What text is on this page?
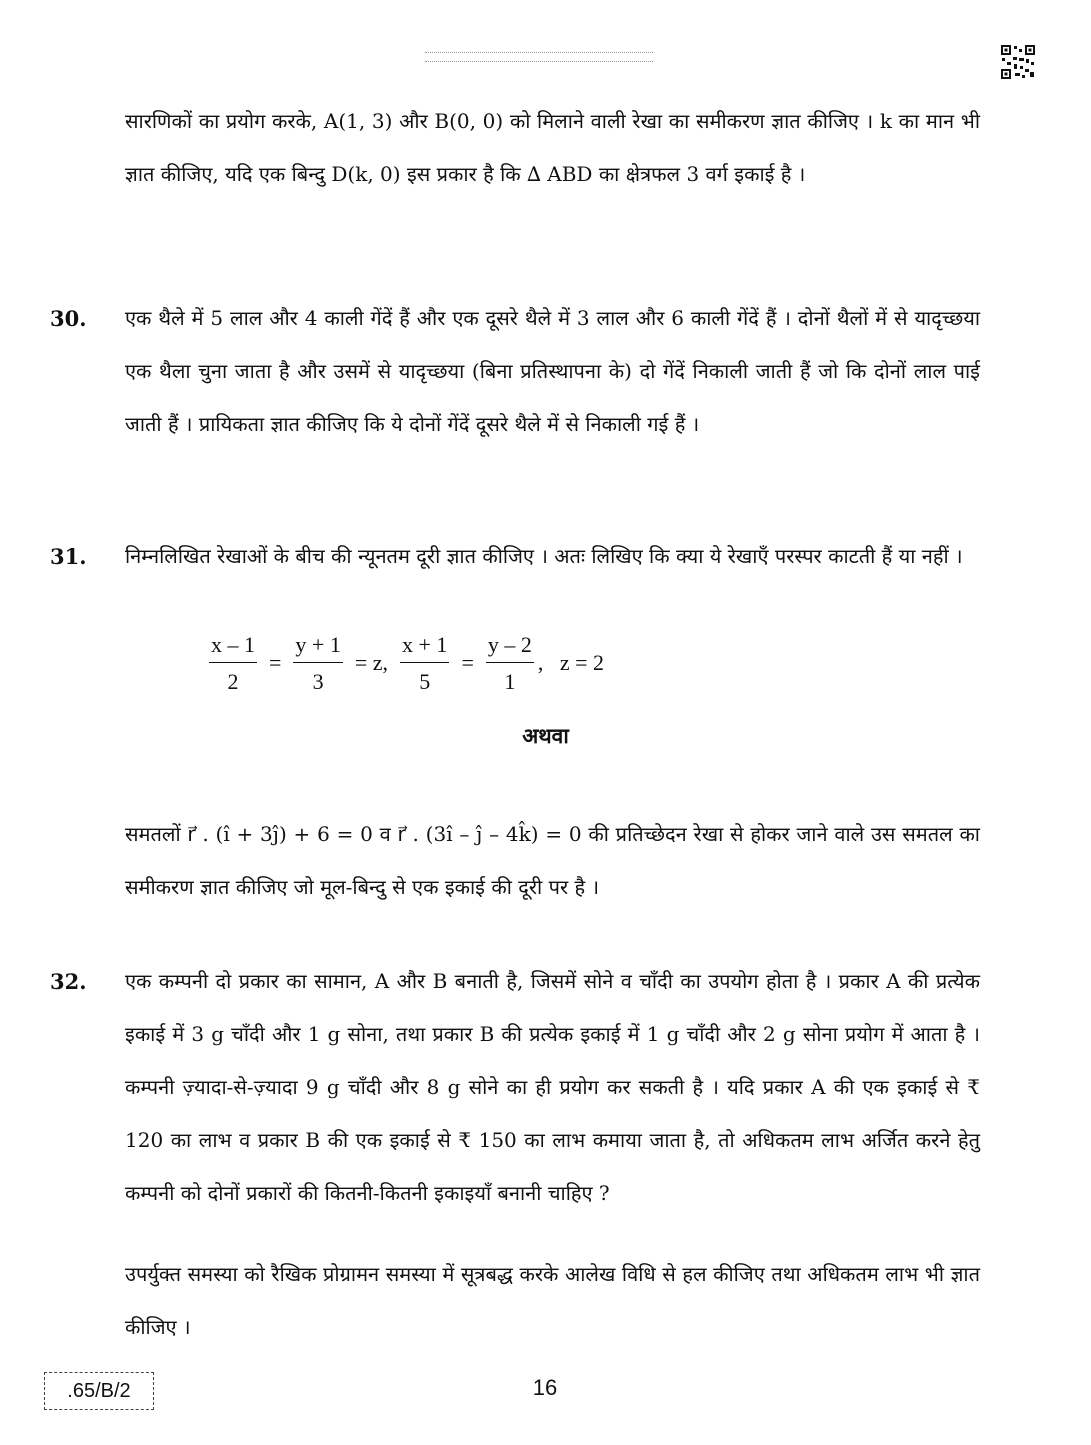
सारणिकों का प्रयोग करके, A(1, 3) और B(0, 0) को मिलाने वाली रेखा का समीकरण ज्ञात कीजिए । k का मान भी ज्ञात कीजिए, यदि एक बिन्दु D(k, 0) इस प्रकार है कि ∆ ABD का क्षेत्रफल 3 वर्ग इकाई है ।

30. एक थैले में 5 लाल और 4 काली गेंदें हैं और एक दूसरे थैले में 3 लाल और 6 काली गेंदें हैं । दोनों थैलों में से यादृच्छया एक थैला चुना जाता है और उसमें से यादृच्छया (बिना प्रतिस्थापना के) दो गेंदें निकाली जाती हैं जो कि दोनों लाल पाई जाती हैं । प्रायिकता ज्ञात कीजिए कि ये दोनों गेंदें दूसरे थैले में से निकाली गई हैं ।

31. निम्नलिखित रेखाओं के बीच की न्यूनतम दूरी ज्ञात कीजिए । अतः लिखिए कि क्या ये रेखाएँ परस्पर काटती हैं या नहीं ।

$\frac{x - 1}{2} = \frac{y + 1}{3} = z$, $\frac{x + 1}{5} = \frac{y - 2}{1}$ ,   z = 2

अथवा

समतलों r⃗ . (î + 3ĵ) + 6 = 0 व r⃗ . (3î – ĵ – 4k̂) = 0 की प्रतिच्छेदन रेखा से होकर जाने वाले उस समतल का समीकरण ज्ञात कीजिए जो मूल-बिन्दु से एक इकाई की दूरी पर है ।

32. एक कम्पनी दो प्रकार का सामान, A और B बनाती है, जिसमें सोने व चाँदी का उपयोग होता है । प्रकार A की प्रत्येक इकाई में 3 g चाँदी और 1 g सोना, तथा प्रकार B की प्रत्येक इकाई में 1 g चाँदी और 2 g सोना प्रयोग में आता है । कम्पनी ज़्यादा-से-ज़्यादा 9 g चाँदी और 8 g सोने का ही प्रयोग कर सकती है । यदि प्रकार A की एक इकाई से ₹ 120 का लाभ व प्रकार B की एक इकाई से ₹ 150 का लाभ कमाया जाता है, तो अधिकतम लाभ अर्जित करने हेतु कम्पनी को दोनों प्रकारों की कितनी-कितनी इकाइयाँ बनानी चाहिए ?

उपर्युक्त समस्या को रैखिक प्रोग्रामन समस्या में सूत्रबद्ध करके आलेख विधि से हल कीजिए तथा अधिकतम लाभ भी ज्ञात कीजिए ।

.65/B/2	16
